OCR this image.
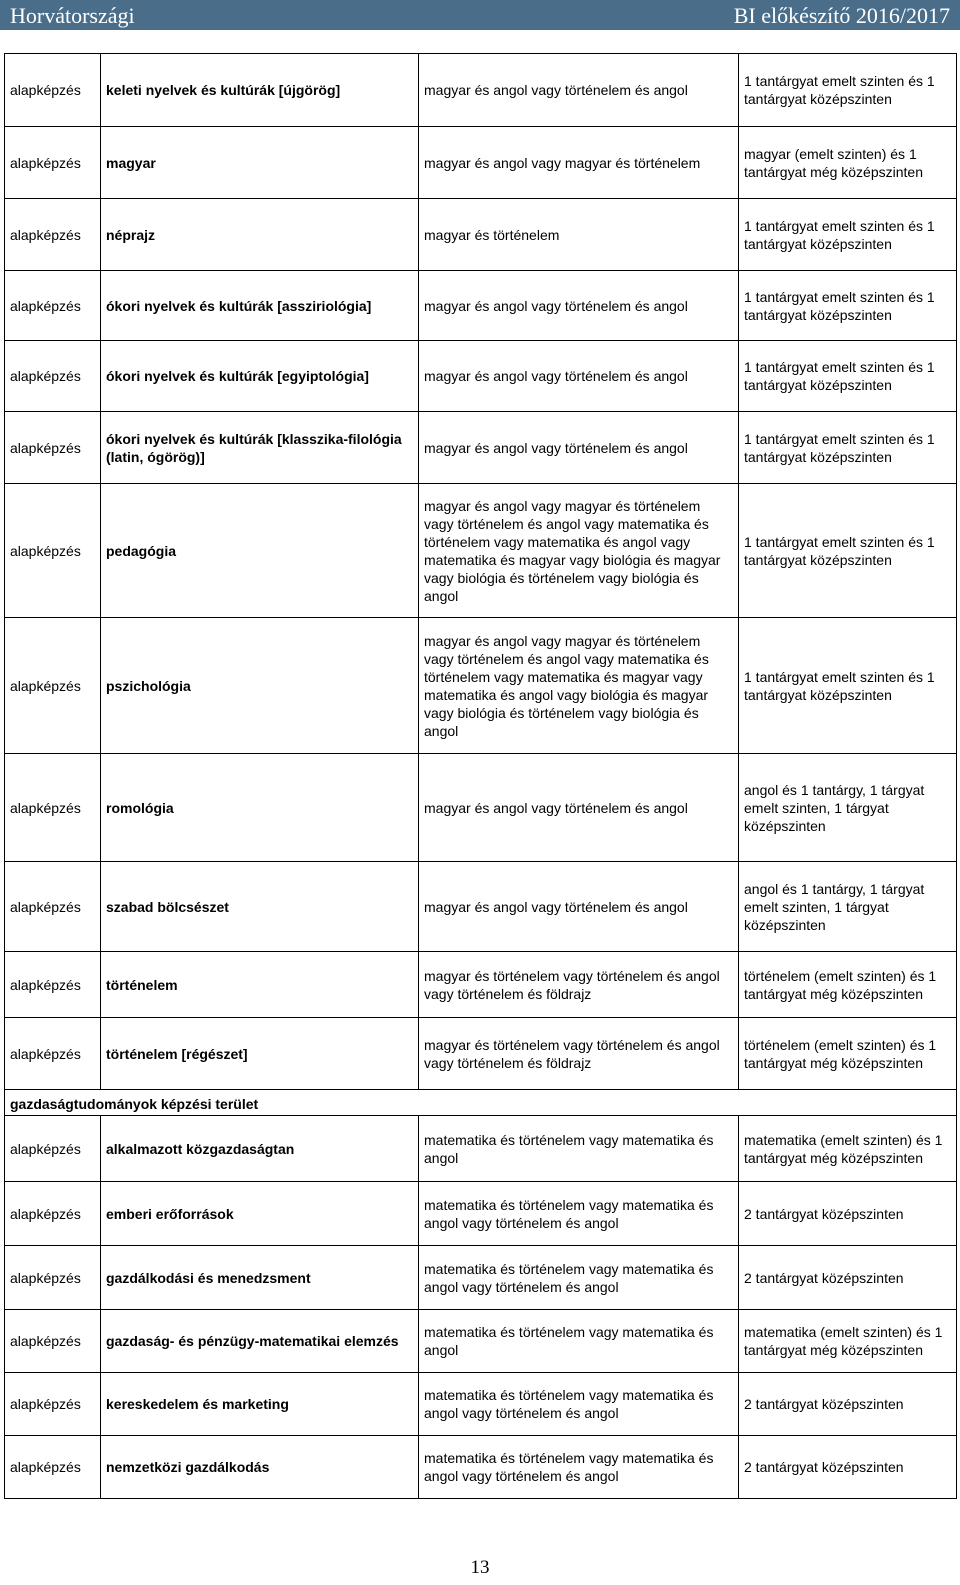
Horvátországi	BI előkészítő 2016/2017
alapképzés	keleti nyelvek és kultúrák [újgörög]	magyar és angol vagy történelem és angol	1 tantárgyat emelt szinten és 1 tantárgyat középszinten
alapképzés	magyar	magyar és angol vagy magyar és történelem	magyar (emelt szinten) és 1 tantárgyat még középszinten
alapképzés	néprajz	magyar és történelem	1 tantárgyat emelt szinten és 1 tantárgyat középszinten
alapképzés	ókori nyelvek és kultúrák [assziriológia]	magyar és angol vagy történelem és angol	1 tantárgyat emelt szinten és 1 tantárgyat középszinten
alapképzés	ókori nyelvek és kultúrák [egyiptológia]	magyar és angol vagy történelem és angol	1 tantárgyat emelt szinten és 1 tantárgyat középszinten
alapképzés	ókori nyelvek és kultúrák [klasszika-filológia (latin, ógörög)]	magyar és angol vagy történelem és angol	1 tantárgyat emelt szinten és 1 tantárgyat középszinten
alapképzés	pedagógia	magyar és angol vagy magyar és történelem vagy történelem és angol vagy matematika és történelem vagy matematika és angol vagy matematika és magyar vagy biológia és magyar vagy biológia és történelem vagy biológia és angol	1 tantárgyat emelt szinten és 1 tantárgyat középszinten
alapképzés	pszichológia	magyar és angol vagy magyar és történelem vagy történelem és angol vagy matematika és történelem vagy matematika és magyar vagy matematika és angol vagy biológia és magyar vagy biológia és történelem vagy biológia és angol	1 tantárgyat emelt szinten és 1 tantárgyat középszinten
alapképzés	romológia	magyar és angol vagy történelem és angol	angol és 1 tantárgy, 1 tárgyat emelt szinten, 1 tárgyat középszinten
alapképzés	szabad bölcsészet	magyar és angol vagy történelem és angol	angol és 1 tantárgy, 1 tárgyat emelt szinten, 1 tárgyat középszinten
alapképzés	történelem	magyar és történelem vagy történelem és angol vagy történelem és földrajz	történelem (emelt szinten) és 1 tantárgyat még középszinten
alapképzés	történelem [régészet]	magyar és történelem vagy történelem és angol vagy történelem és földrajz	történelem (emelt szinten) és 1 tantárgyat még középszinten
gazdaságtudományok képzési terület			
alapképzés	alkalmazott közgazdaságtan	matematika és történelem vagy matematika és angol	matematika (emelt szinten) és 1 tantárgyat még középszinten
alapképzés	emberi erőforrások	matematika és történelem vagy matematika és angol vagy történelem és angol	2 tantárgyat középszinten
alapképzés	gazdálkodási és menedzsment	matematika és történelem vagy matematika és angol vagy történelem és angol	2 tantárgyat középszinten
alapképzés	gazdaság- és pénzügy-matematikai elemzés	matematika és történelem vagy matematika és angol	matematika (emelt szinten) és 1 tantárgyat még középszinten
alapképzés	kereskedelem és marketing	matematika és történelem vagy matematika és angol vagy történelem és angol	2 tantárgyat középszinten
alapképzés	nemzetközi gazdálkodás	matematika és történelem vagy matematika és angol vagy történelem és angol	2 tantárgyat középszinten
13
